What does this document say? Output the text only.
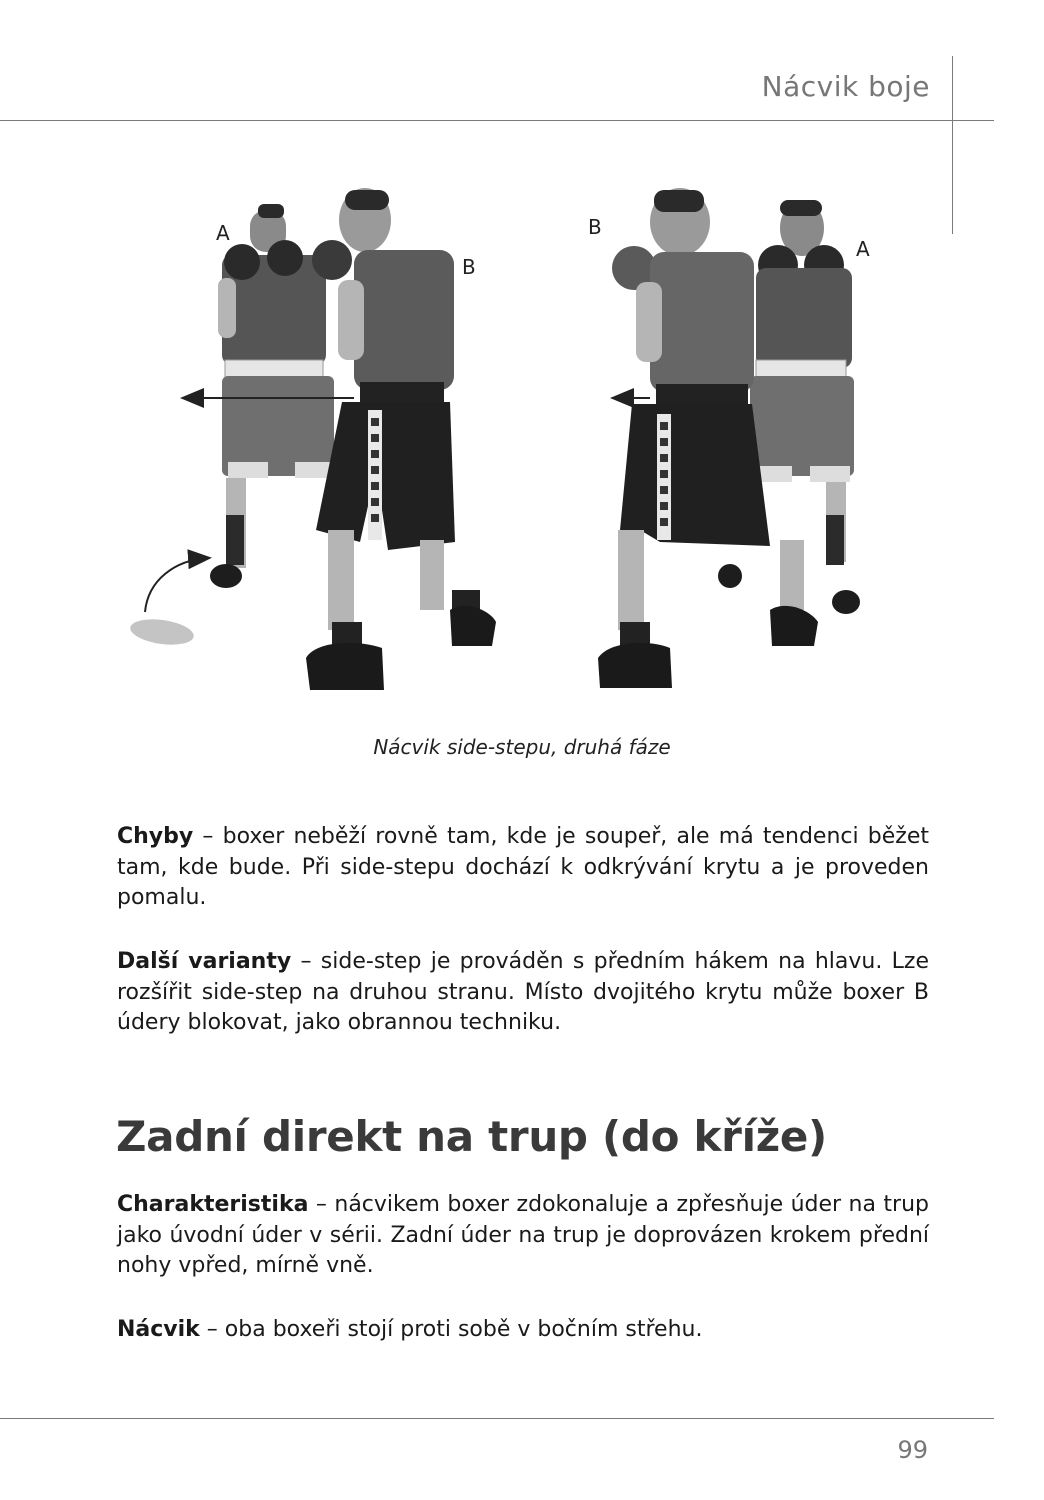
Nácvik boje
A
B
B
A
Nácvik side-stepu, druhá fáze

Chyby – boxer neběží rovně tam, kde je soupeř, ale má tendenci běžet tam, kde bude. Při side-stepu dochází k odkrývání krytu a je proveden pomalu.

Další varianty – side-step je prováděn s předním hákem na hlavu. Lze rozšířit side-step na druhou stranu. Místo dvojitého krytu může boxer B údery blokovat, jako obrannou techniku.

Zadní direkt na trup (do kříže)

Charakteristika – nácvikem boxer zdokonaluje a zpřesňuje úder na trup jako úvodní úder v sérii. Zadní úder na trup je doprovázen krokem přední nohy vpřed, mírně vně.

Nácvik – oba boxeři stojí proti sobě v bočním střehu.

99
